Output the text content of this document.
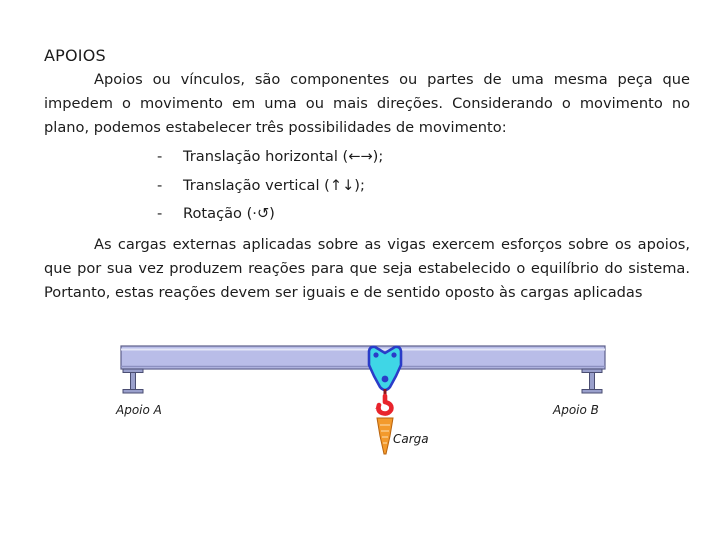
APOIOS

Apoios ou vínculos, são componentes ou partes de uma mesma peça que impedem o movimento em uma ou mais direções. Considerando o movimento no plano, podemos estabelecer três possibilidades de movimento:

- Translação horizontal (←→);
- Translação vertical (↑↓);
- Rotação (·↺)

As cargas externas aplicadas sobre as vigas exercem esforços sobre os apoios, que por sua vez produzem reações para que seja estabelecido o equilíbrio do sistema. Portanto, estas reações devem ser iguais e de sentido oposto às cargas aplicadas

Apoio A	Apoio B
Carga
